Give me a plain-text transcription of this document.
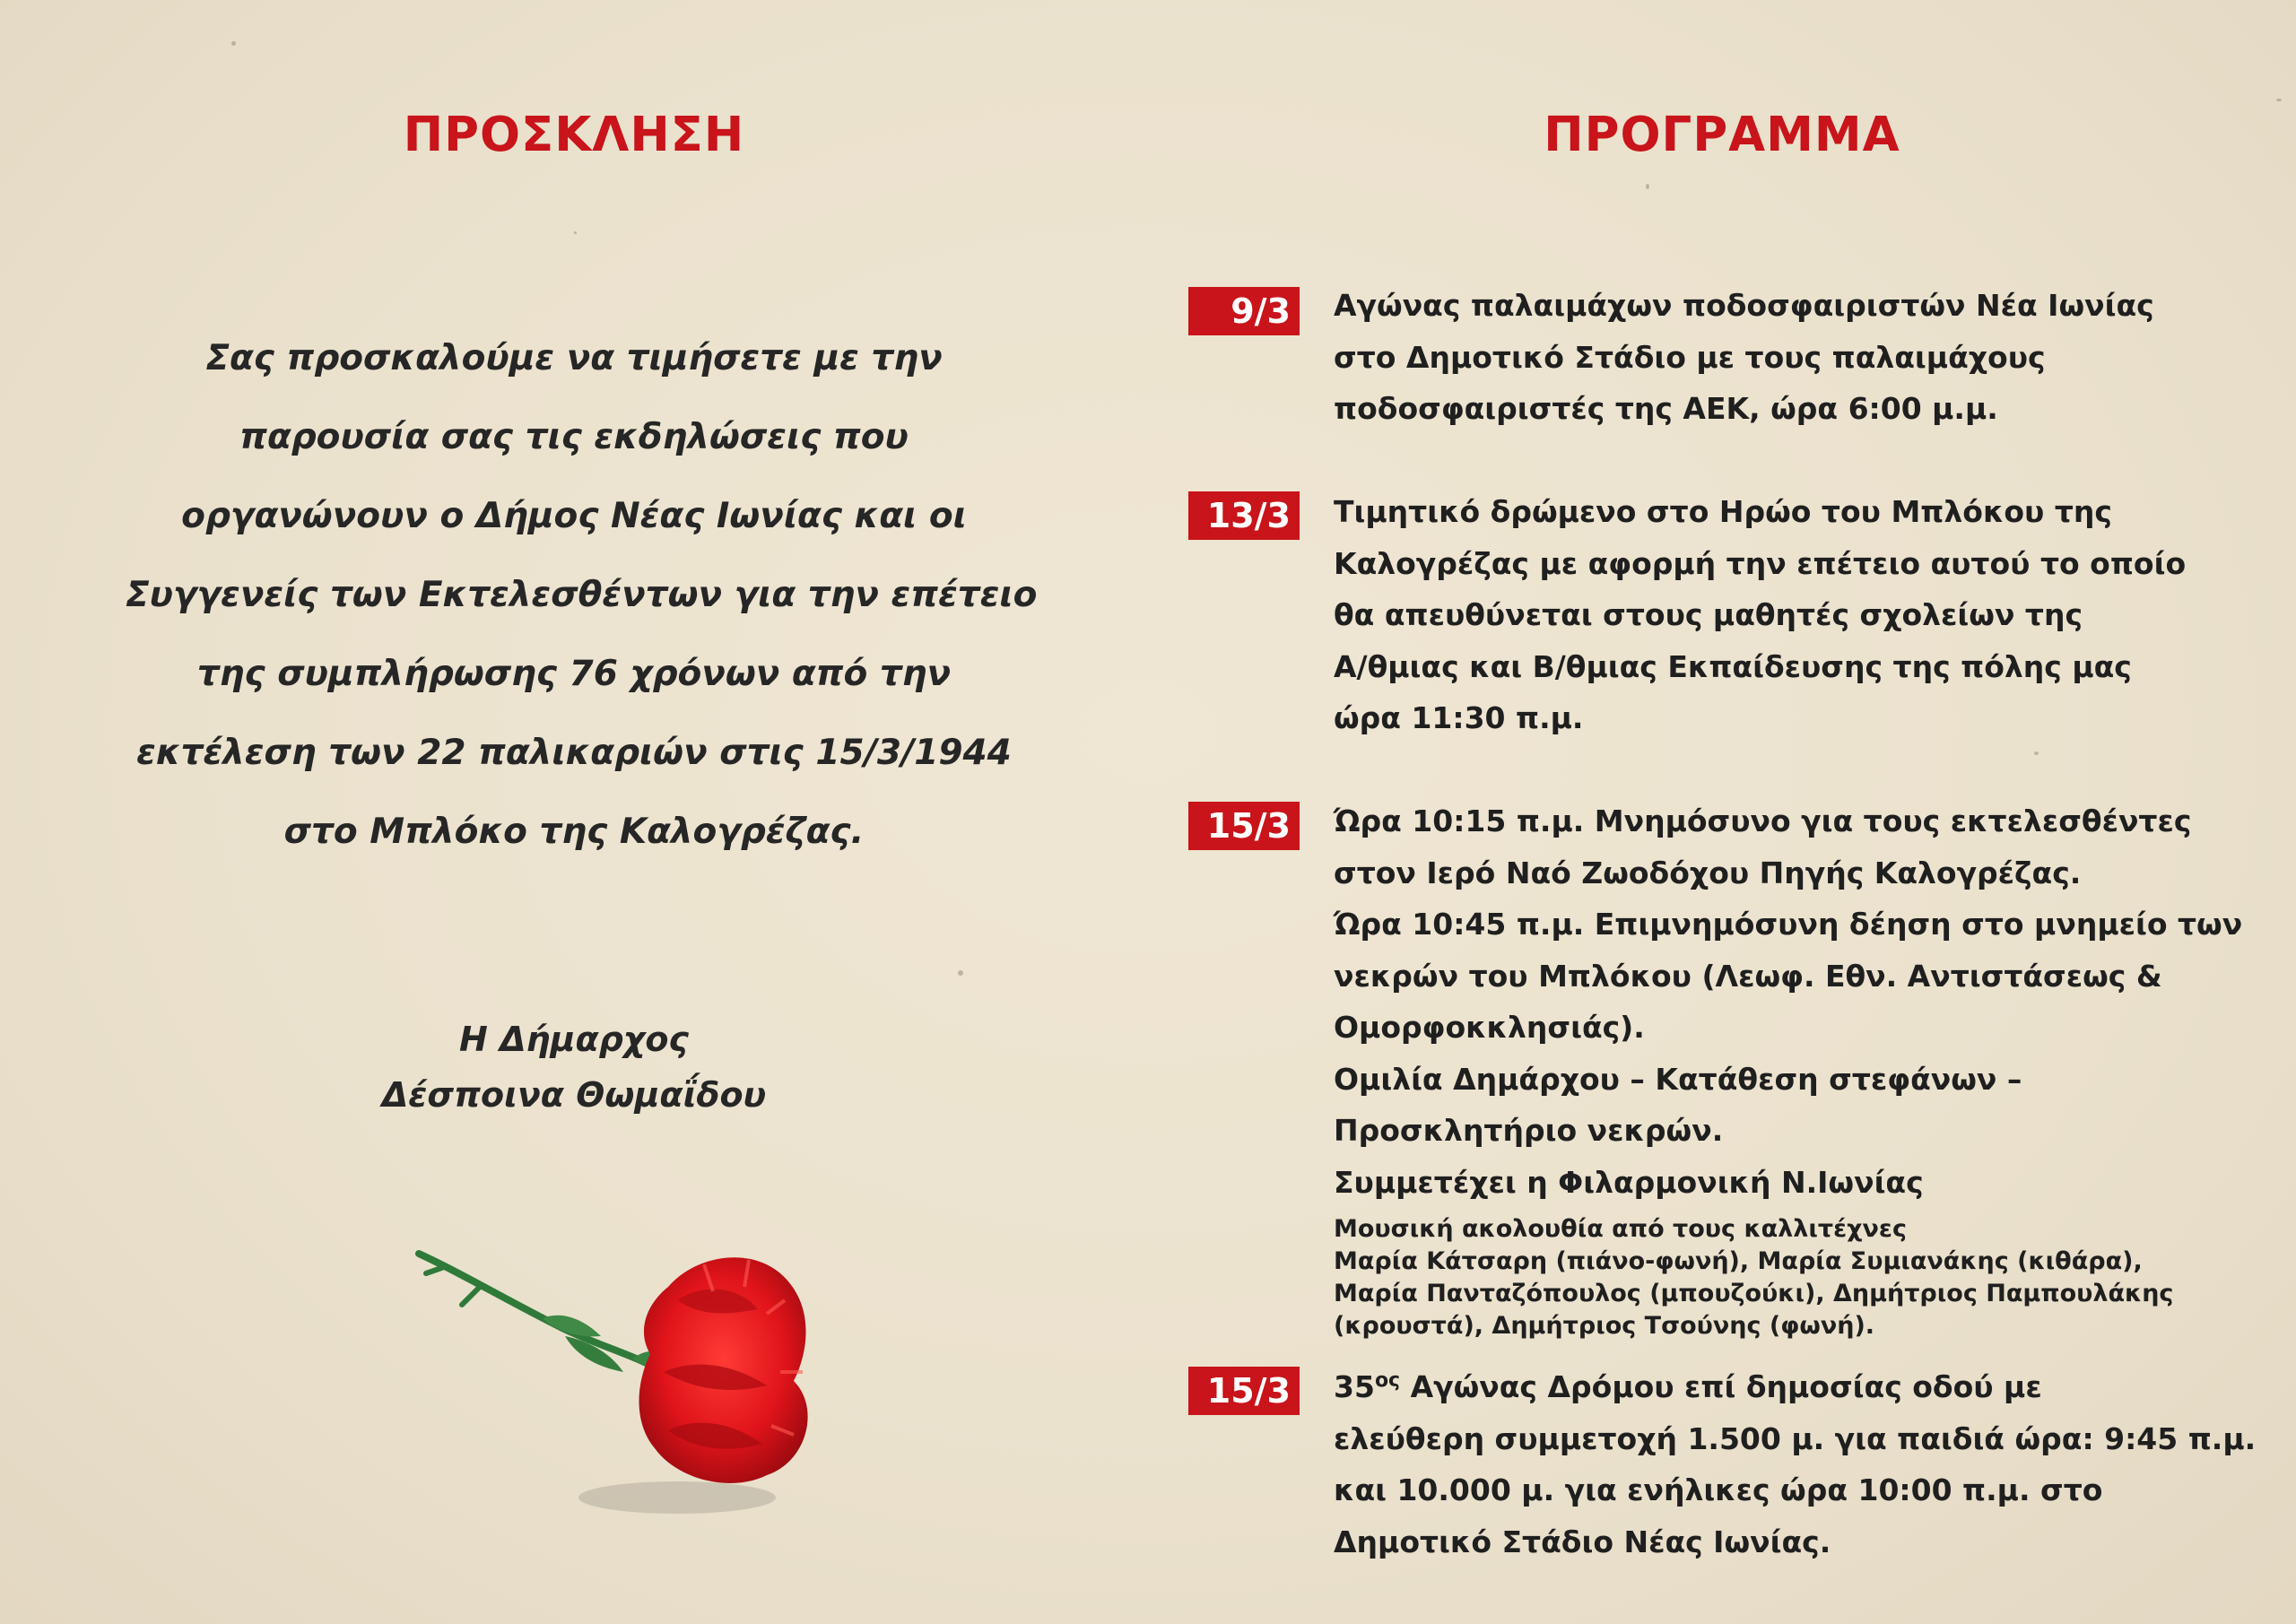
ΠΡΟΣΚΛΗΣΗ
Σας προσκαλούμε να τιμήσετε με την
παρουσία σας τις εκδηλώσεις που
οργανώνουν ο Δήμος Νέας Ιωνίας και οι
Συγγενείς των Εκτελεσθέντων για την επέτειο
της συμπλήρωσης 76 χρόνων από την
εκτέλεση των 22 παλικαριών στις 15/3/1944
στο Μπλόκο της Καλογρέζας.
Η Δήμαρχος
Δέσποινα Θωμαΐδου
ΠΡΟΓΡΑΜΜΑ
9/3	Αγώνας παλαιμάχων ποδοσφαιριστών Νέα Ιωνίας
στο Δημοτικό Στάδιο με τους παλαιμάχους
ποδοσφαιριστές της ΑΕΚ, ώρα 6:00 μ.μ.
13/3	Τιμητικό δρώμενο στο Ηρώο του Μπλόκου της
Καλογρέζας με αφορμή την επέτειο αυτού το οποίο
θα απευθύνεται στους μαθητές σχολείων της
Α/θμιας και Β/θμιας Εκπαίδευσης της πόλης μας
ώρα 11:30 π.μ.
15/3	Ώρα 10:15 π.μ. Μνημόσυνο για τους εκτελεσθέντες
στον Ιερό Ναό Ζωοδόχου Πηγής Καλογρέζας.
Ώρα 10:45 π.μ. Επιμνημόσυνη δέηση στο μνημείο των
νεκρών του Μπλόκου (Λεωφ. Εθν. Αντιστάσεως &
Ομορφοκκλησιάς).
Ομιλία Δημάρχου – Κατάθεση στεφάνων –
Προσκλητήριο νεκρών.
Συμμετέχει η Φιλαρμονική Ν.Ιωνίας
Μουσική ακολουθία από τους καλλιτέχνες
Μαρία Κάτσαρη (πιάνο-φωνή), Μαρία Συμιανάκης (κιθάρα),
Μαρία Πανταζόπουλος (μπουζούκι), Δημήτριος Παμπουλάκης
(κρουστά), Δημήτριος Τσούνης (φωνή).
15/3	$35^{o\varsigma}$ Αγώνας Δρόμου επί δημοσίας οδού με
ελεύθερη συμμετοχή 1.500 μ. για παιδιά ώρα: 9:45 π.μ.
και 10.000 μ. για ενήλικες ώρα 10:00 π.μ. στο
Δημοτικό Στάδιο Νέας Ιωνίας.
